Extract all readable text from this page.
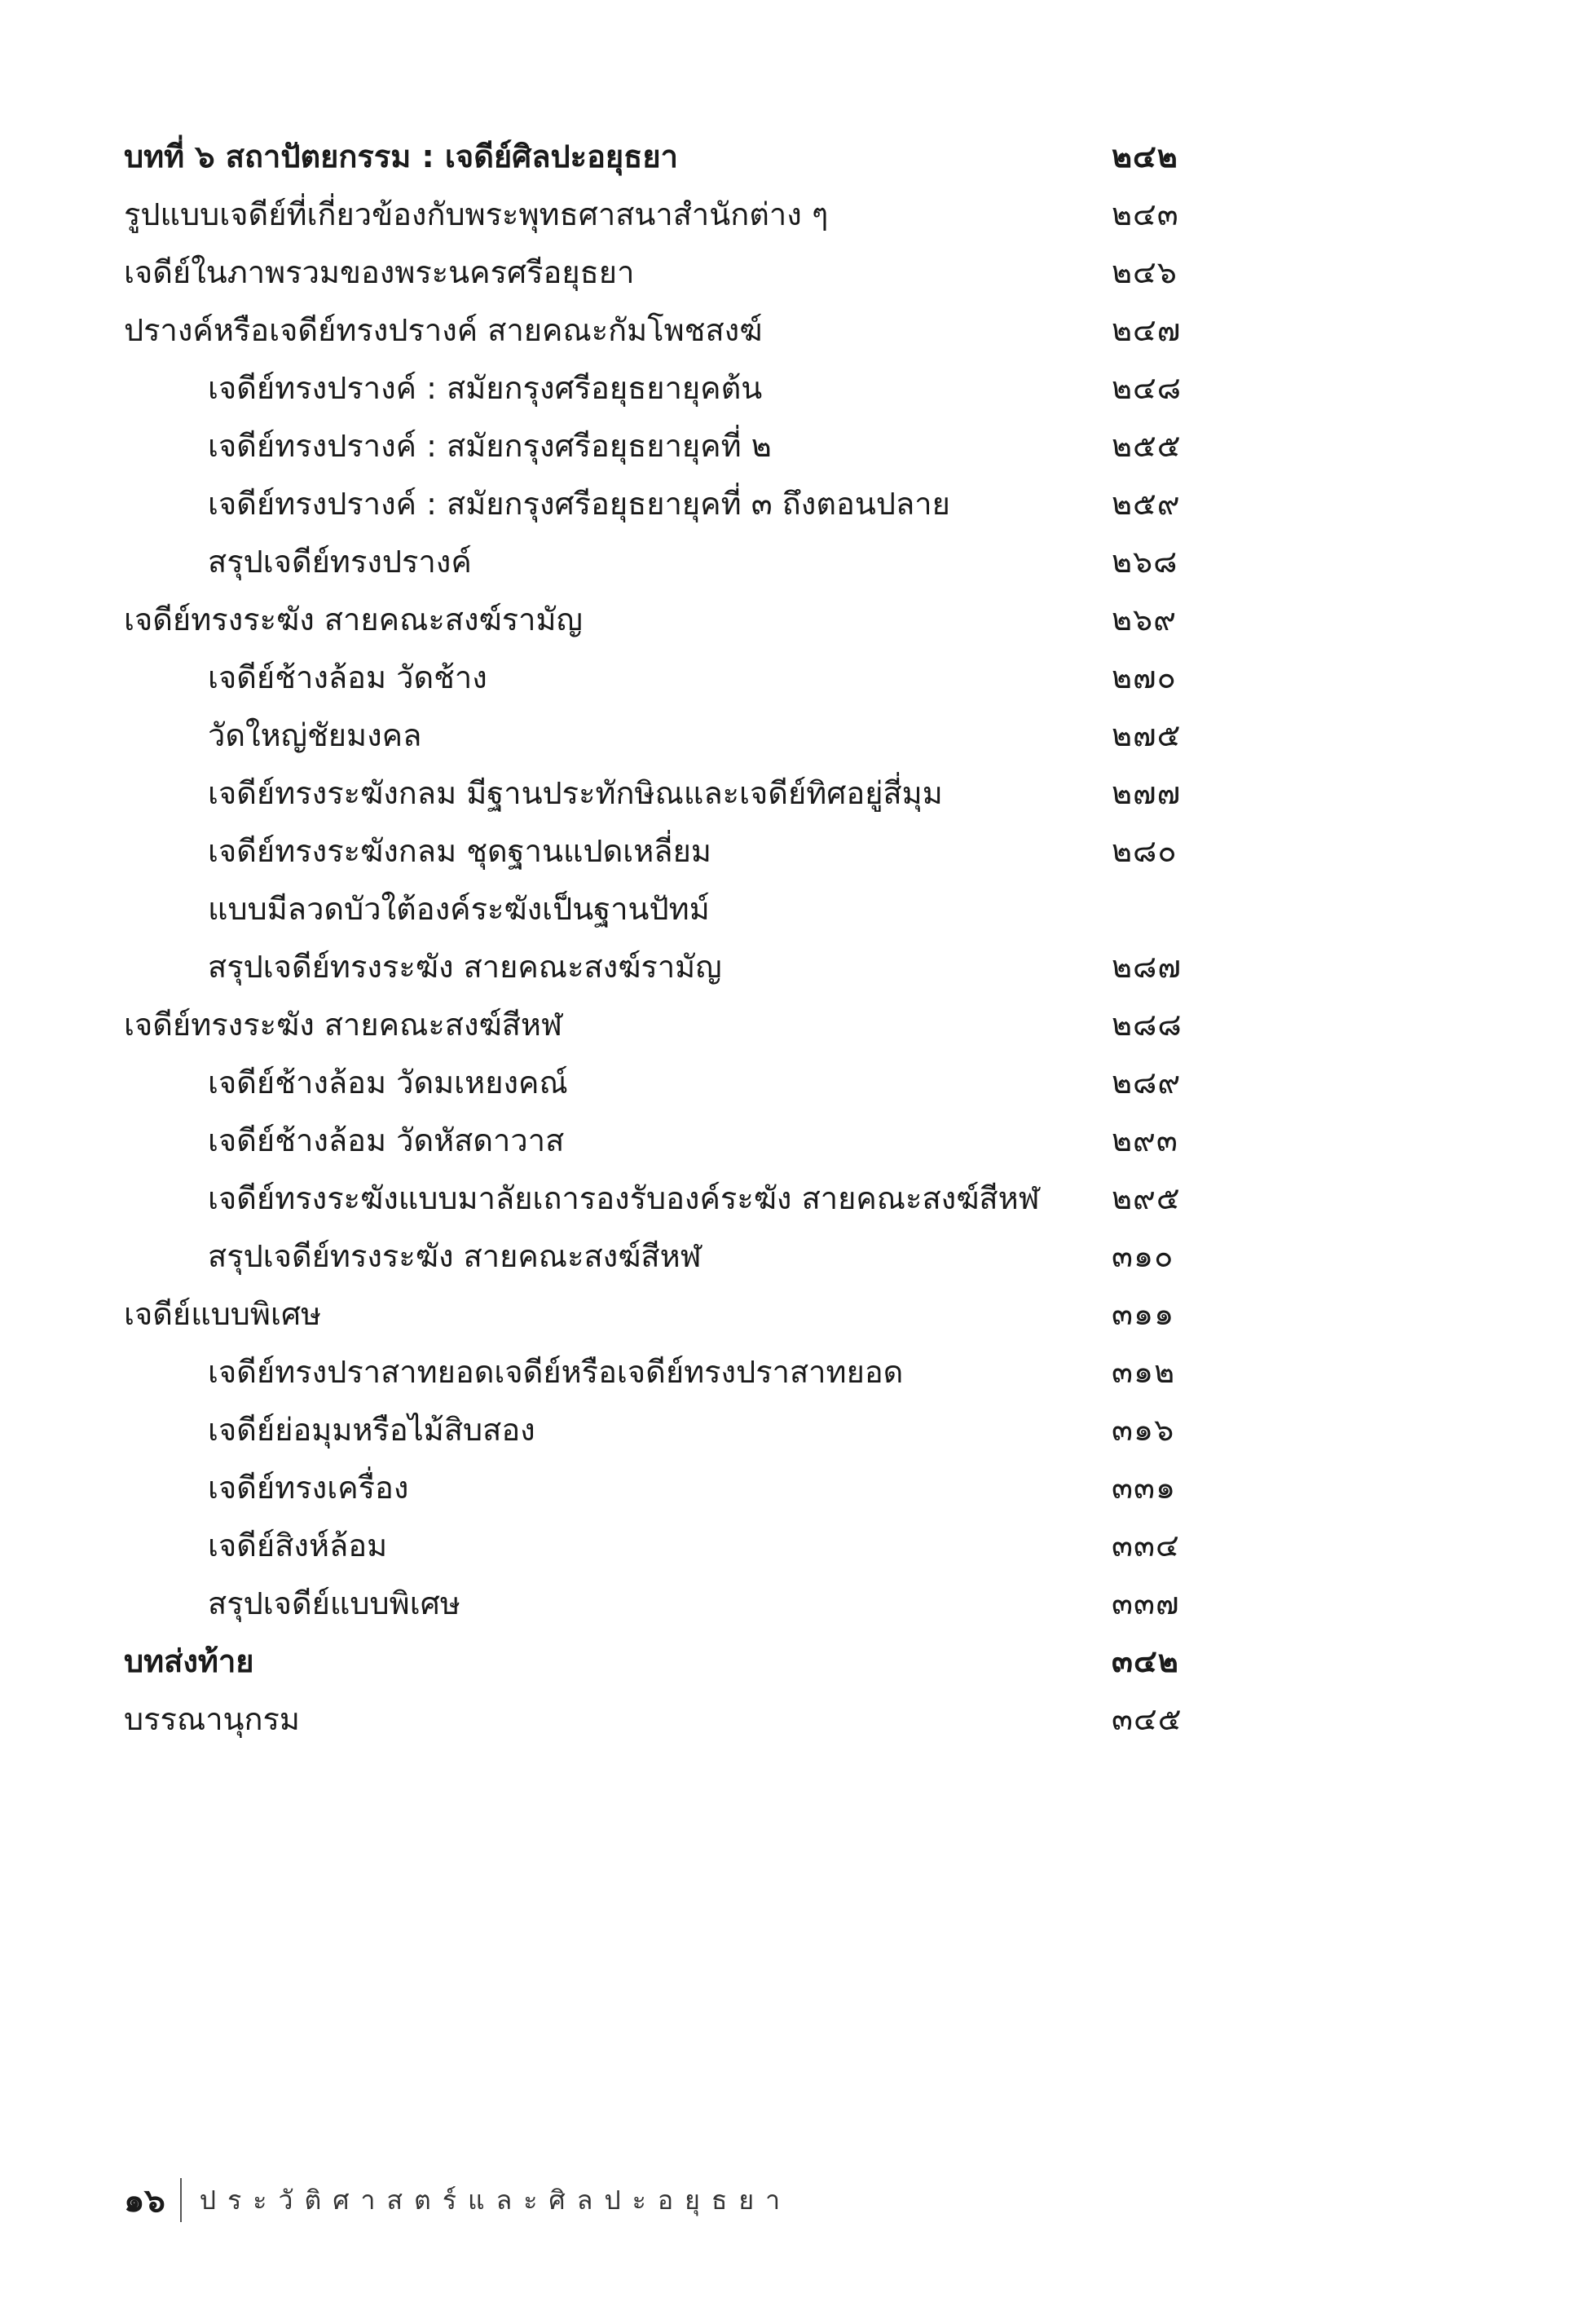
บทที่ ๖ สถาปัตยกรรม : เจดีย์ศิลปะอยุธยา	๒๔๒
รูปแบบเจดีย์ที่เกี่ยวข้องกับพระพุทธศาสนาสำนักต่าง ๆ	๒๔๓
เจดีย์ในภาพรวมของพระนครศรีอยุธยา	๒๔๖
ปรางค์หรือเจดีย์ทรงปรางค์ สายคณะกัมโพชสงฆ์	๒๔๗
เจดีย์ทรงปรางค์ : สมัยกรุงศรีอยุธยายุคต้น	๒๔๘
เจดีย์ทรงปรางค์ : สมัยกรุงศรีอยุธยายุคที่ ๒	๒๕๕
เจดีย์ทรงปรางค์ : สมัยกรุงศรีอยุธยายุคที่ ๓ ถึงตอนปลาย	๒๕๙
สรุปเจดีย์ทรงปรางค์	๒๖๘
เจดีย์ทรงระฆัง สายคณะสงฆ์รามัญ	๒๖๙
เจดีย์ช้างล้อม วัดช้าง	๒๗๐
วัดใหญ่ชัยมงคล	๒๗๕
เจดีย์ทรงระฆังกลม มีฐานประทักษิณและเจดีย์ทิศอยู่สี่มุม	๒๗๗
เจดีย์ทรงระฆังกลม ชุดฐานแปดเหลี่ยม	๒๘๐
แบบมีลวดบัวใต้องค์ระฆังเป็นฐานปัทม์
สรุปเจดีย์ทรงระฆัง สายคณะสงฆ์รามัญ	๒๘๗
เจดีย์ทรงระฆัง สายคณะสงฆ์สีหฬ	๒๘๘
เจดีย์ช้างล้อม วัดมเหยงคณ์	๒๘๙
เจดีย์ช้างล้อม วัดหัสดาวาส	๒๙๓
เจดีย์ทรงระฆังแบบมาลัยเถารองรับองค์ระฆัง สายคณะสงฆ์สีหฬ	๒๙๕
สรุปเจดีย์ทรงระฆัง สายคณะสงฆ์สีหฬ	๓๑๐
เจดีย์แบบพิเศษ	๓๑๑
เจดีย์ทรงปราสาทยอดเจดีย์หรือเจดีย์ทรงปราสาทยอด	๓๑๒
เจดีย์ย่อมุมหรือไม้สิบสอง	๓๑๖
เจดีย์ทรงเครื่อง	๓๓๑
เจดีย์สิงห์ล้อม	๓๓๔
สรุปเจดีย์แบบพิเศษ	๓๓๗
บทส่งท้าย	๓๔๒
บรรณานุกรม	๓๔๕
๑๖ ประวัติศาสตร์และศิลปะอยุธยา
